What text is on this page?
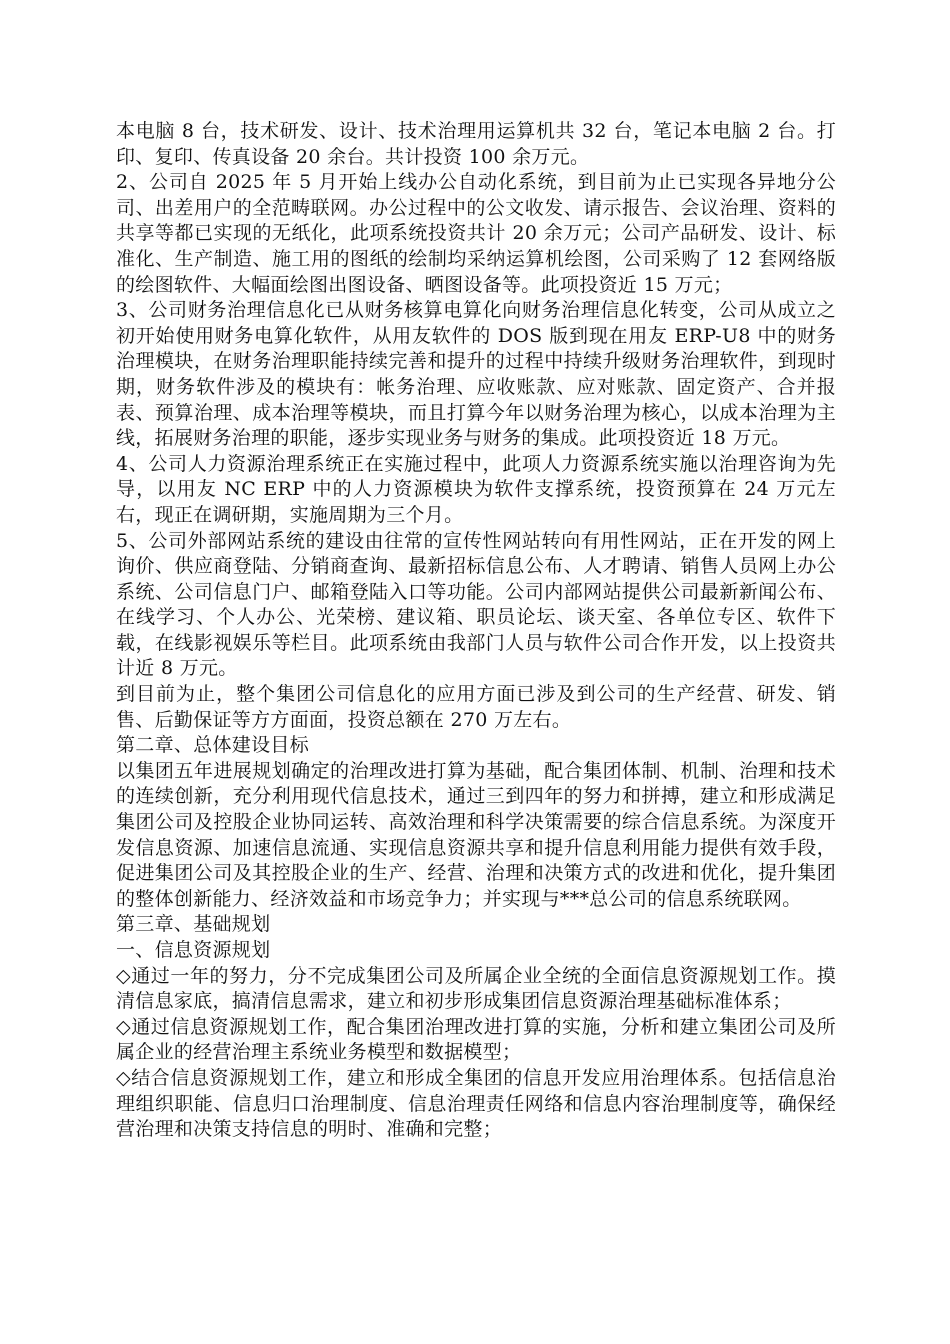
本电脑 8 台，技术研发、设计、技术治理用运算机共 32 台，笔记本电脑 2 台。打印、复印、传真设备 20 余台。共计投资 100 余万元。

2、公司自 2025 年 5 月开始上线办公自动化系统，到目前为止已实现各异地分公司、出差用户的全范畴联网。办公过程中的公文收发、请示报告、会议治理、资料的共享等都已实现的无纸化，此项系统投资共计 20 余万元；公司产品研发、设计、标准化、生产制造、施工用的图纸的绘制均采纳运算机绘图，公司采购了 12 套网络版的绘图软件、大幅面绘图出图设备、晒图设备等。此项投资近 15 万元；

3、公司财务治理信息化已从财务核算电算化向财务治理信息化转变，公司从成立之初开始使用财务电算化软件，从用友软件的 DOS 版到现在用友 ERP-U8 中的财务治理模块，在财务治理职能持续完善和提升的过程中持续升级财务治理软件，到现时期，财务软件涉及的模块有：帐务治理、应收账款、应对账款、固定资产、合并报表、预算治理、成本治理等模块，而且打算今年以财务治理为核心，以成本治理为主线，拓展财务治理的职能，逐步实现业务与财务的集成。此项投资近 18 万元。

4、公司人力资源治理系统正在实施过程中，此项人力资源系统实施以治理咨询为先导，以用友 NC ERP 中的人力资源模块为软件支撑系统，投资预算在 24 万元左右，现正在调研期，实施周期为三个月。

5、公司外部网站系统的建设由往常的宣传性网站转向有用性网站，正在开发的网上询价、供应商登陆、分销商查询、最新招标信息公布、人才聘请、销售人员网上办公系统、公司信息门户、邮箱登陆入口等功能。公司内部网站提供公司最新新闻公布、在线学习、个人办公、光荣榜、建议箱、职员论坛、谈天室、各单位专区、软件下载，在线影视娱乐等栏目。此项系统由我部门人员与软件公司合作开发，以上投资共计近 8 万元。

到目前为止，整个集团公司信息化的应用方面已涉及到公司的生产经营、研发、销售、后勤保证等方方面面，投资总额在 270 万左右。

第二章、总体建设目标

以集团五年进展规划确定的治理改进打算为基础，配合集团体制、机制、治理和技术的连续创新，充分利用现代信息技术，通过三到四年的努力和拼搏，建立和形成满足集团公司及控股企业协同运转、高效治理和科学决策需要的综合信息系统。为深度开发信息资源、加速信息流通、实现信息资源共享和提升信息利用能力提供有效手段，促进集团公司及其控股企业的生产、经营、治理和决策方式的改进和优化，提升集团的整体创新能力、经济效益和市场竞争力；并实现与***总公司的信息系统联网。

第三章、基础规划

一、信息资源规划

◇通过一年的努力，分不完成集团公司及所属企业全统的全面信息资源规划工作。摸清信息家底，搞清信息需求，建立和初步形成集团信息资源治理基础标准体系；

◇通过信息资源规划工作，配合集团治理改进打算的实施，分析和建立集团公司及所属企业的经营治理主系统业务模型和数据模型；

◇结合信息资源规划工作，建立和形成全集团的信息开发应用治理体系。包括信息治理组织职能、信息归口治理制度、信息治理责任网络和信息内容治理制度等，确保经营治理和决策支持信息的明时、准确和完整；
